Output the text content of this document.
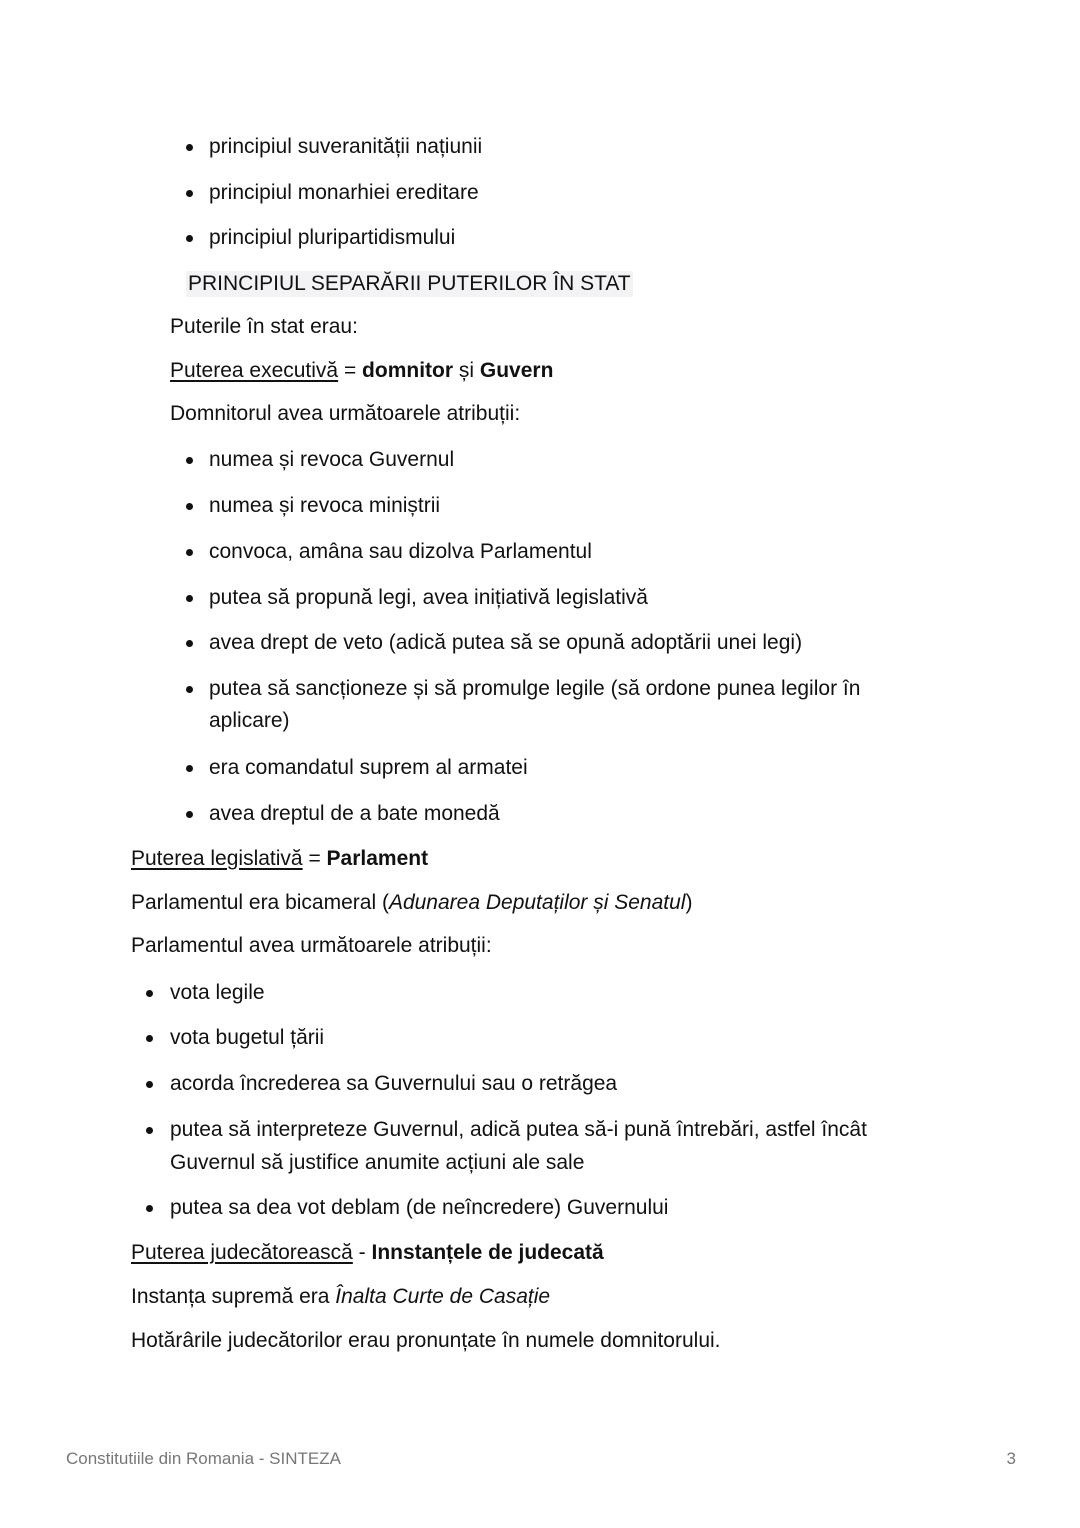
principiul suveranității națiunii
principiul monarhiei ereditare
principiul pluripartidismului
PRINCIPIUL SEPARĂRII PUTERILOR ÎN STAT
Puterile în stat erau:
Puterea executivă = domnitor și Guvern
Domnitorul avea următoarele atribuții:
numea și revoca Guvernul
numea și revoca miniștrii
convoca, amâna sau dizolva Parlamentul
putea să propună legi, avea inițiativă legislativă
avea drept de veto (adică putea să se opună adoptării unei legi)
putea să sancționeze și să promulge legile (să ordone punea legilor în
aplicare)
era comandatul suprem al armatei
avea dreptul de a bate monedă
Puterea legislativă = Parlament
Parlamentul era bicameral (Adunarea Deputaților și Senatul)
Parlamentul avea următoarele atribuții:
vota legile
vota bugetul țării
acorda încrederea sa Guvernului sau o retrăgea
putea să interpreteze Guvernul, adică putea să-i pună întrebări, astfel încât
Guvernul să justifice anumite acțiuni ale sale
putea sa dea vot deblam (de neîncredere) Guvernului
Puterea judecătorească - Innstanțele de judecată
Instanța supremă era Înalta Curte de Casație
Hotărârile judecătorilor erau pronunțate în numele domnitorului.
Constitutiile din Romania - SINTEZA	3
